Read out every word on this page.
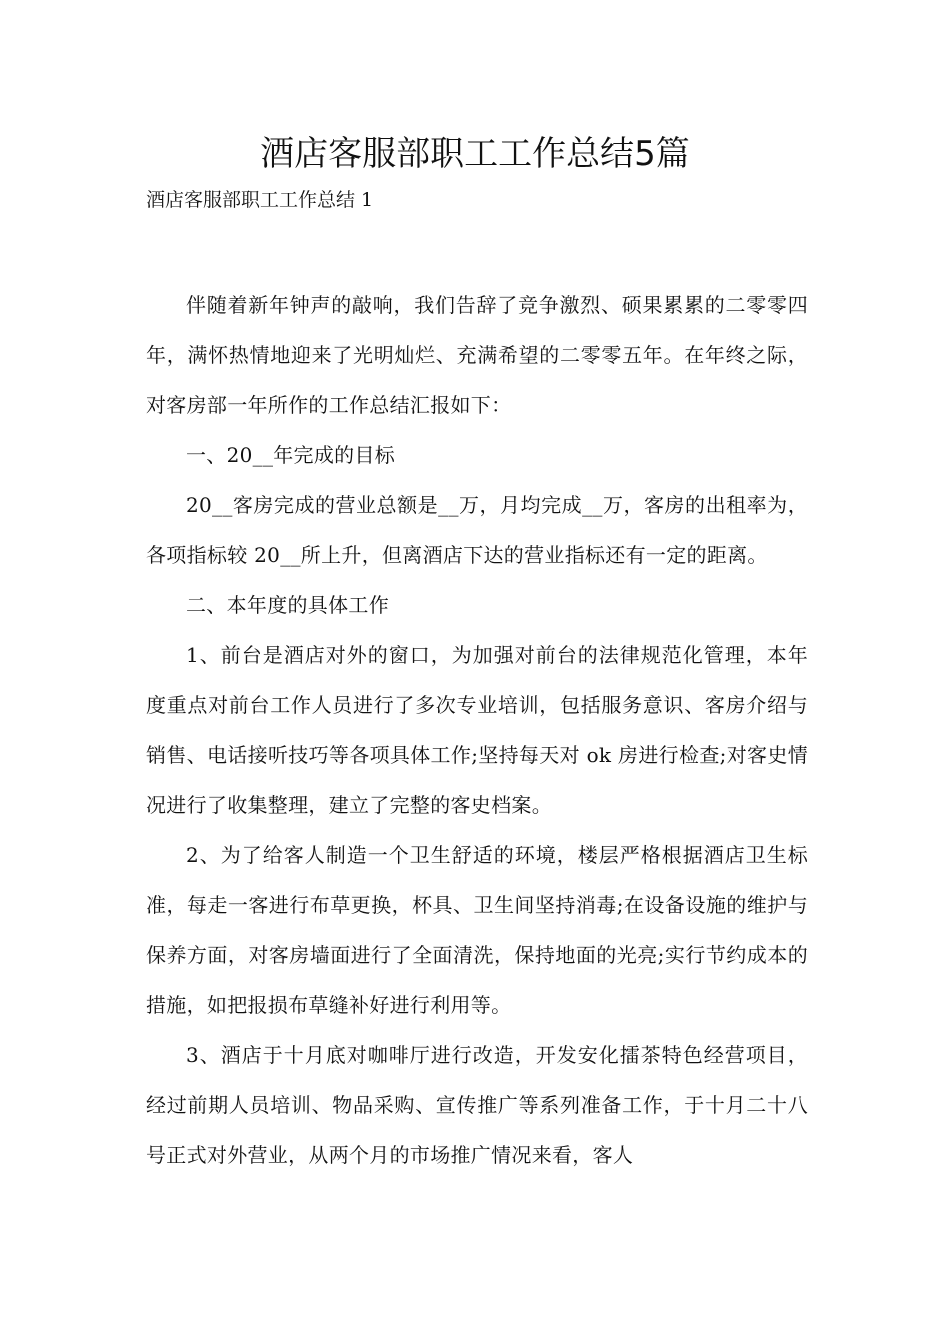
酒店客服部职工工作总结5篇

酒店客服部职工工作总结 1

伴随着新年钟声的敲响，我们告辞了竞争激烈、硕果累累的二零零四年，满怀热情地迎来了光明灿烂、充满希望的二零零五年。在年终之际，对客房部一年所作的工作总结汇报如下：

一、20__年完成的目标

20__客房完成的营业总额是__万，月均完成__万，客房的出租率为，各项指标较 20__所上升，但离酒店下达的营业指标还有一定的距离。

二、本年度的具体工作

1、前台是酒店对外的窗口，为加强对前台的法律规范化管理，本年度重点对前台工作人员进行了多次专业培训，包括服务意识、客房介绍与销售、电话接听技巧等各项具体工作;坚持每天对 ok 房进行检查;对客史情况进行了收集整理，建立了完整的客史档案。

2、为了给客人制造一个卫生舒适的环境，楼层严格根据酒店卫生标准，每走一客进行布草更换，杯具、卫生间坚持消毒;在设备设施的维护与保养方面，对客房墙面进行了全面清洗，保持地面的光亮;实行节约成本的措施，如把报损布草缝补好进行利用等。

3、酒店于十月底对咖啡厅进行改造，开发安化擂茶特色经营项目，经过前期人员培训、物品采购、宣传推广等系列准备工作，于十月二十八号正式对外营业，从两个月的市场推广情况来看，客人
